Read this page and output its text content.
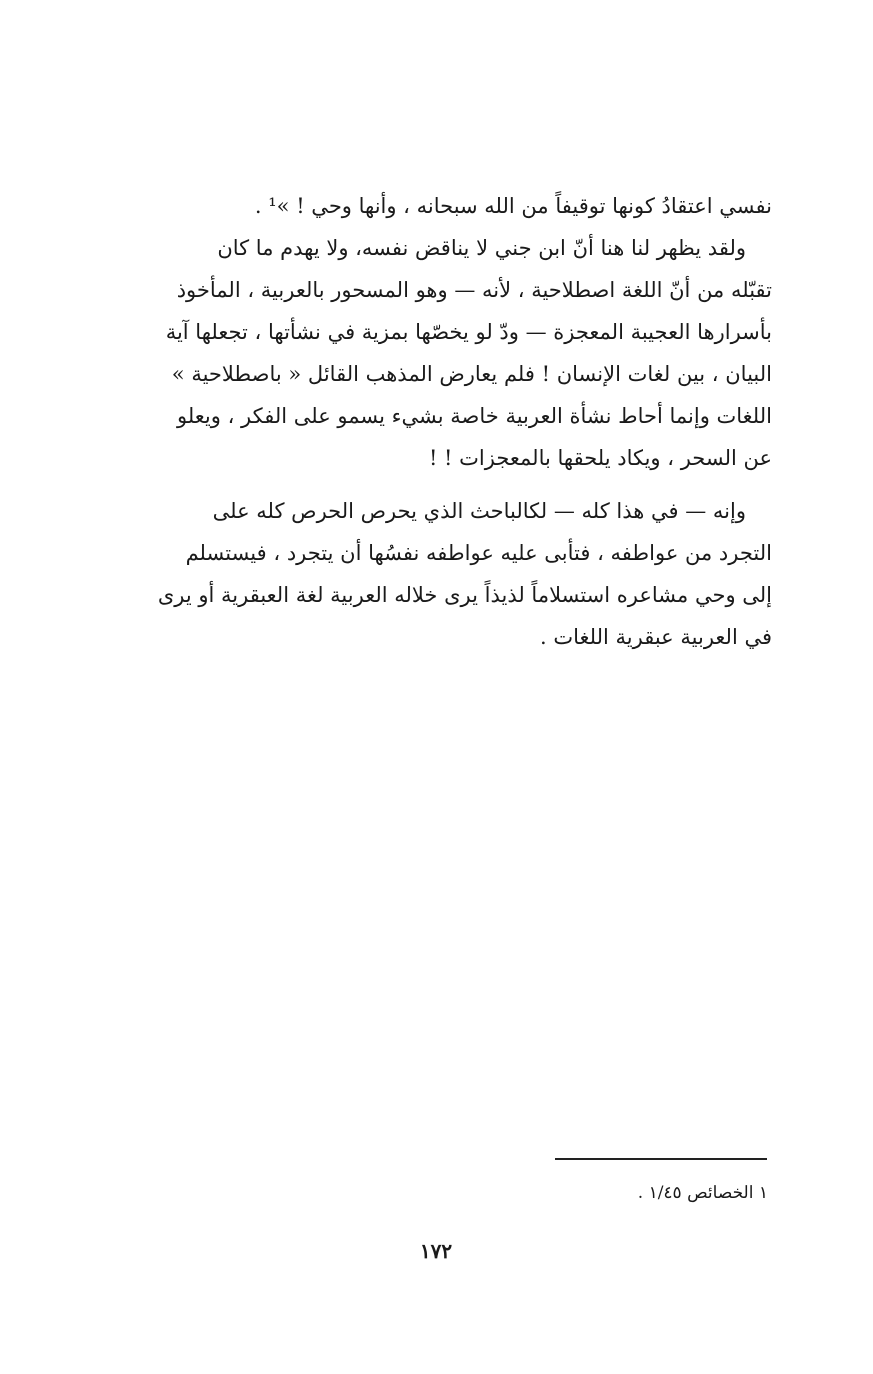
نفسي اعتقادُ كونها توقيفاً من الله سبحانه ، وأنها وحي ! »¹ .
ولقد يظهر لنا هنا أنّ ابن جني لا يناقض نفسه، ولا يهدم ما كان
تقبّله من أنّ اللغة اصطلاحية ، لأنه — وهو المسحور بالعربية ، المأخوذ
بأسرارها العجيبة المعجزة — ودّ لو يخصّها بمزية في نشأتها ، تجعلها آية
البيان ، بين لغات الإنسان ! فلم يعارض المذهب القائل « باصطلاحية »
اللغات وإنما أحاط نشأة العربية خاصة بشيء يسمو على الفكر ، ويعلو
عن السحر ، ويكاد يلحقها بالمعجزات ! !
وإنه — في هذا كله — لكالباحث الذي يحرص الحرص كله على
التجرد من عواطفه ، فتأبى عليه عواطفه نفسُها أن يتجرد ، فيستسلم
إلى وحي مشاعره استسلاماً لذيذاً يرى خلاله العربية لغة العبقرية أو يرى
في العربية عبقرية اللغات .
١ الخصائص ١/٤٥ .
١٧٢
